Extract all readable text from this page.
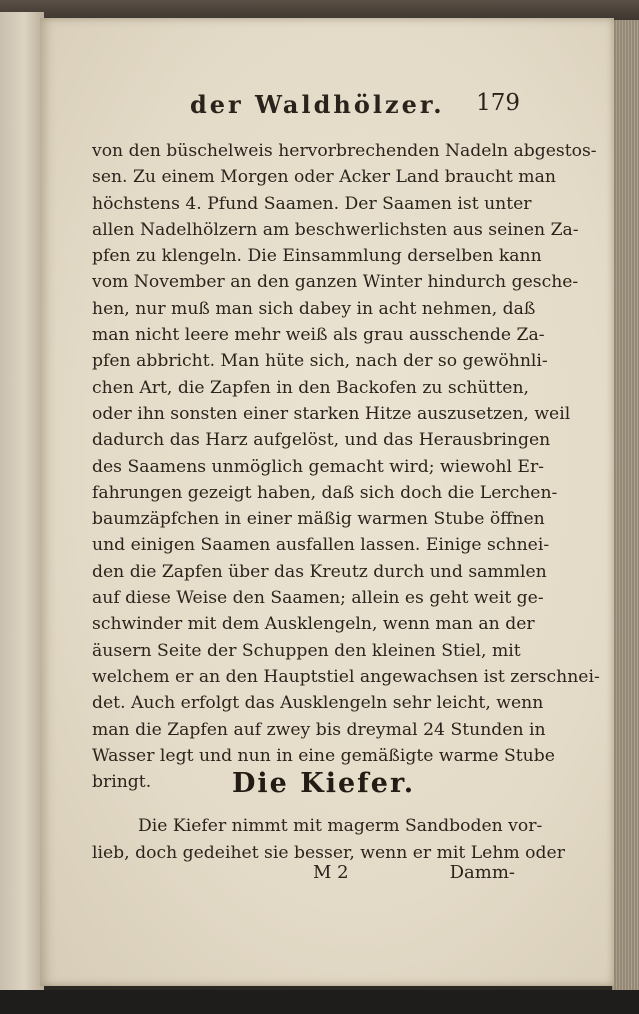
der Waldhölzer. 179
von den büschelweis hervorbrechenden Nadeln abgestos-
sen. Zu einem Morgen oder Acker Land braucht man
höchstens 4. Pfund Saamen. Der Saamen ist unter
allen Nadelhölzern am beschwerlichsten aus seinen Za-
pfen zu klengeln. Die Einsammlung derselben kann
vom November an den ganzen Winter hindurch gesche-
hen, nur muß man sich dabey in acht nehmen, daß
man nicht leere mehr weiß als grau ausschende Za-
pfen abbricht. Man hüte sich, nach der so gewöhnli-
chen Art, die Zapfen in den Backofen zu schütten,
oder ihn sonsten einer starken Hitze auszusetzen, weil
dadurch das Harz aufgelöst, und das Herausbringen
des Saamens unmöglich gemacht wird; wiewohl Er-
fahrungen gezeigt haben, daß sich doch die Lerchen-
baumzäpfchen in einer mäßig warmen Stube öffnen
und einigen Saamen ausfallen lassen. Einige schnei-
den die Zapfen über das Kreutz durch und sammlen
auf diese Weise den Saamen; allein es geht weit ge-
schwinder mit dem Ausklengeln, wenn man an der
äusern Seite der Schuppen den kleinen Stiel, mit
welchem er an den Hauptstiel angewachsen ist zerschnei-
det. Auch erfolgt das Ausklengeln sehr leicht, wenn
man die Zapfen auf zwey bis dreymal 24 Stunden in
Wasser legt und nun in eine gemäßigte warme Stube
bringt.	Die Kiefer.
Die Kiefer nimmt mit magerm Sandboden vor-
lieb, doch gedeihet sie besser, wenn er mit Lehm oder
M 2	Damm-
